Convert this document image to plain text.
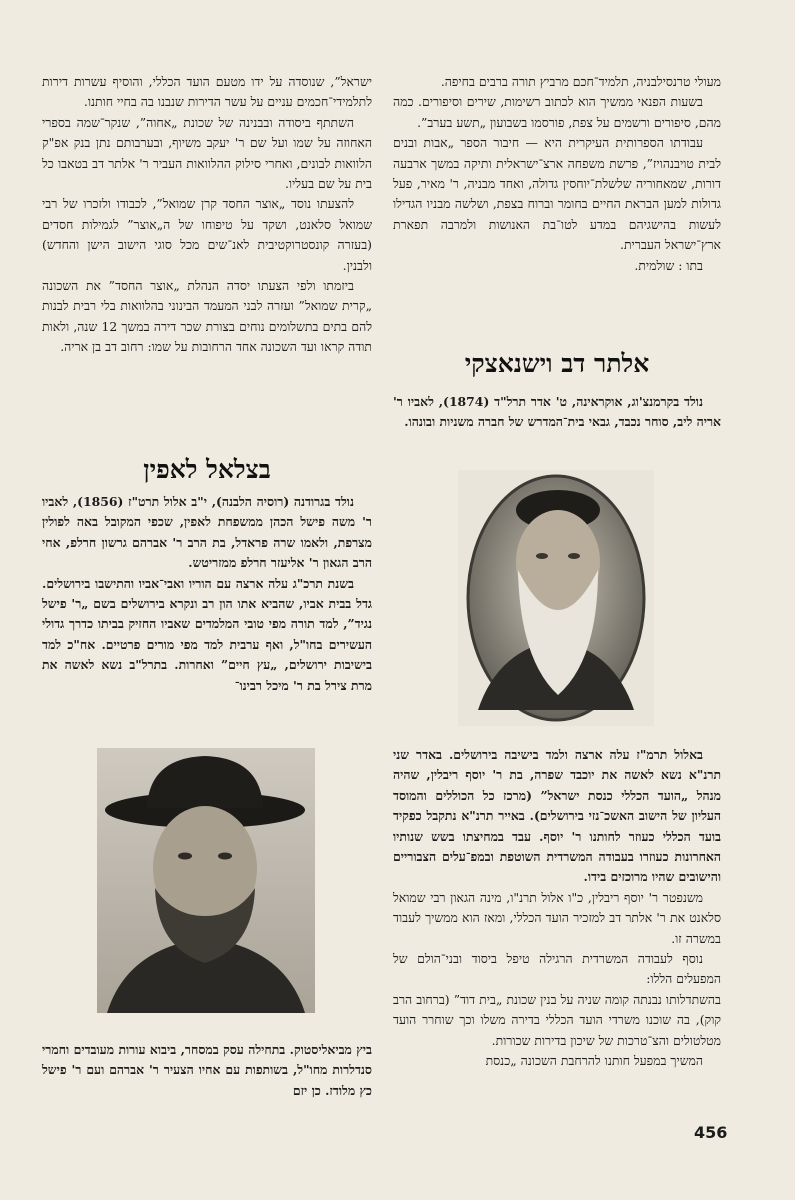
מעולי טרנסילבניה, תלמיד־חכם מרביץ תורה ברבים בחיפה.

בשעות הפנאי ממשיך הוא לכתוב רשימות, שירים וסיפורים. כמה מהם, סיפורים ורשמים על צפת, פורסמו בשבועון „תשע בערב”.

עבודתו הספרותית העיקרית היא — חיבור הספר „אבות ובנים לבית טויבנהויז”, פרשת משפחה ארצ־ישראלית ותיקה במשך ארבעה דורות, שמאחוריה שלשלת־יוחסין גדולה, ואחד מבניה, ר' מאיר, פעל גדולות למען הבראת החיים בחומר וברוח בצפת, ושלשה מבניו הגדילו לעשות בהישגיהם במדע לטו־בת האנושות ולמרבה תפארת ארץ־ישראל העברית.

בתו : שולמית.

אלתר דב וישנאצקי

נולד בקרמנצ'וג, אוקראינה, ט' אדר תרל"ד (1874), לאביו ר' אריה ליב, סוחר נכבד, גבאי בית־המדרש של חברה משניות ובונהו.

באלול תרמ"ז עלה ארצה ולמד בישיבה בירושלים. באדר שני תרנ"א נשא לאשה את יוכבד שפרה, בת ר' יוסף ריבלין, שהיה מנהל „הועד הכללי כנסת ישראל” (מרכז כל הכוללים והמוסד העליון של הישוב האשכ־נזי בירושלים). באייר תרנ"א נתקבל כפקיד בועד הכללי כעוזר לחותנו ר' יוסף. עבד במחיצתו בשש שנותיו האחרונות כעוזרו בעבודה המשרדית השוטפת ובמפ־עלים הצבוריים והישובים שהיו מרוכזים בידו.

משנפטר ר' יוסף ריבלין, כ"ו אלול תרנ"ו, מינה הגאון רבי שמואל סלאנט את ר' אלתר דב למזכיר הועד הכללי, ומאז הוא ממשיך לעבוד במשרה זו.

נוסף לעבודה המשרדית הרגילה טיפל ביסוד ובני־הולם של המפעלים הללו:

בהשתדלותו נבנתה קומה שניה על בנין שכונת „בית דוד” (ברחוב הרב קוק), בה שוכנו משרדי הועד הכללי בדירה משלו וכך שוחרר הועד מטלטולים והצ־טרכות של שיכון בדירות שכורות.

המשיך במפעל חותנו להרחבת השכונה „כנסת

ישראל”, שנוסדה על ידו מטעם הועד הכללי, והוסיף עשרות דירות לתלמידי־חכמים עניים על עשר הדירות שנבנו בה בחיי חותנו.

השתתף ביסודה ובבנינה של שכונת „אחוה”, שנקר־שמה בספרי האחוזה על שמו ועל שם ר' יעקב משיוף, ובערבותם נתן בנק אפ"ק הלוואות לבונים, ואחרי סילוק ההלוואות העביר ר' אלתר דב בטאבו כל בית על שם בעליו.

להצעתו נוסד „אוצר החסד קרן שמואל”, לכבודו ולזכרו של רבי שמואל סלאנט, ושקד על טיפוחו של ה„אוצר” לגמילות חסדים (בעזרה קונסטרוקטיבית לאנ־שים מכל סוגי הישוב הישן והחדש) ולבנין.

ביזמתו ולפי הצעתו יסדה הנהלת „אוצר החסד” את השכונה „קרית שמואל” ועזרה לבני המעמד הבינוני בהלוואות בלי רבית לבנות להם בתים בתשלומים נוחים בצורת שכר דירה במשך 12 שנה, ולאות תודה קראו ועד השכונה אחד הרחובות על שמו: רחוב דב בן אריה.

בצלאל לאפין

נולד בגרודנה (רוסיה הלבנה), י"ב אלול תרט"ז (1856), לאביו ר' משה פישל הכהן ממשפחת לאפין, שכפי המקובל באה לפולין מצרפת, ולאמו שרה פראדל, בת הרב ר' אברהם גרשון חרלפ, אחי הרב הגאון ר' אליעזר חרלפ ממזריטש.

בשנת תרכ"ג עלה ארצה עם הוריו ואבי־אביו והתישבו בירושלים. גדל בבית אביו, שהביא אתו הון רב ונקרא בירושלים בשם „ר' פישל נגיד”, למד תורה מפי טובי המלמדים שאביו החזיק בביתו כדרך גדולי העשירים בחו"ל, ואף ערבית למד מפי מורים פרטיים. אח"כ למד בישיבות ירושלים, „עץ חיים” ואחרות. בתרל"ב נשא לאשה את מרת צירל בת ר' מיכל רבינו־

ביץ מביאליסטוק. בתחילה עסק במסחר, ביבוא עורות מעובדים וחמרי סנדלרות מחו"ל, בשותפות עם אחיו הצעיר ר' אברהם ועם ר' פישל כץ מלודז. כן יזם

456
